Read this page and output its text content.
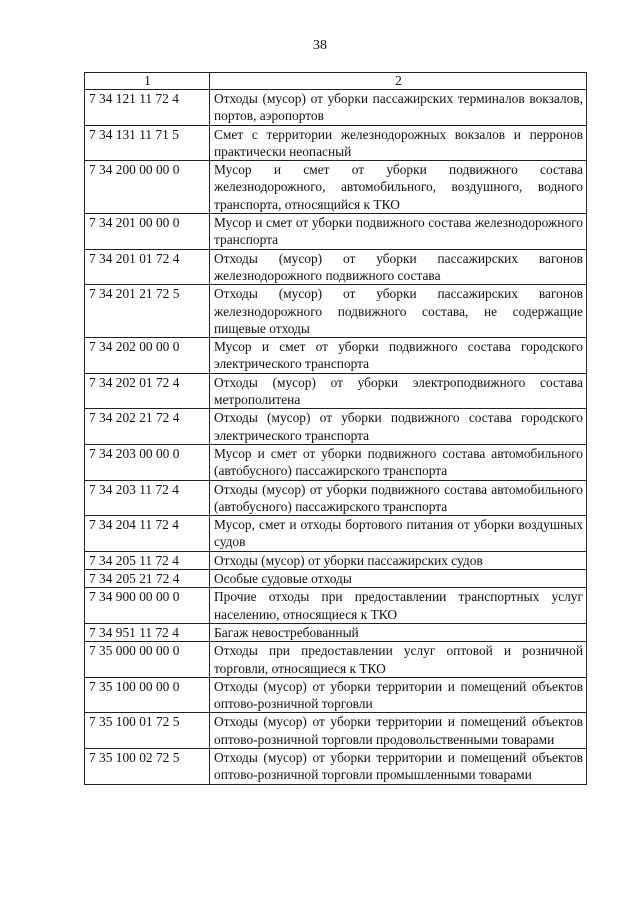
38
1	2
7 34 121 11 72 4	Отходы (мусор) от уборки пассажирских терминалов вокзалов, портов, аэропортов
7 34 131 11 71 5	Смет с территории железнодорожных вокзалов и перронов практически неопасный
7 34 200 00 00 0	Мусор и смет от уборки подвижного состава железнодорожного, автомобильного, воздушного, водного транспорта, относящийся к ТКО
7 34 201 00 00 0	Мусор и смет от уборки подвижного состава железнодорожного транспорта
7 34 201 01 72 4	Отходы (мусор) от уборки пассажирских вагонов железнодорожного подвижного состава
7 34 201 21 72 5	Отходы (мусор) от уборки пассажирских вагонов железнодорожного подвижного состава, не содержащие пищевые отходы
7 34 202 00 00 0	Мусор и смет от уборки подвижного состава городского электрического транспорта
7 34 202 01 72 4	Отходы (мусор) от уборки электроподвижного состава метрополитена
7 34 202 21 72 4	Отходы (мусор) от уборки подвижного состава городского электрического транспорта
7 34 203 00 00 0	Мусор и смет от уборки подвижного состава автомобильного (автобусного) пассажирского транспорта
7 34 203 11 72 4	Отходы (мусор) от уборки подвижного состава автомобильного (автобусного) пассажирского транспорта
7 34 204 11 72 4	Мусор, смет и отходы бортового питания от уборки воздушных судов
7 34 205 11 72 4	Отходы (мусор) от уборки пассажирских судов
7 34 205 21 72 4	Особые судовые отходы
7 34 900 00 00 0	Прочие отходы при предоставлении транспортных услуг населению, относящиеся к ТКО
7 34 951 11 72 4	Багаж невостребованный
7 35 000 00 00 0	Отходы при предоставлении услуг оптовой и розничной торговли, относящиеся к ТКО
7 35 100 00 00 0	Отходы (мусор) от уборки территории и помещений объектов оптово-розничной торговли
7 35 100 01 72 5	Отходы (мусор) от уборки территории и помещений объектов оптово-розничной торговли продовольственными товарами
7 35 100 02 72 5	Отходы (мусор) от уборки территории и помещений объектов оптово-розничной торговли промышленными товарами
